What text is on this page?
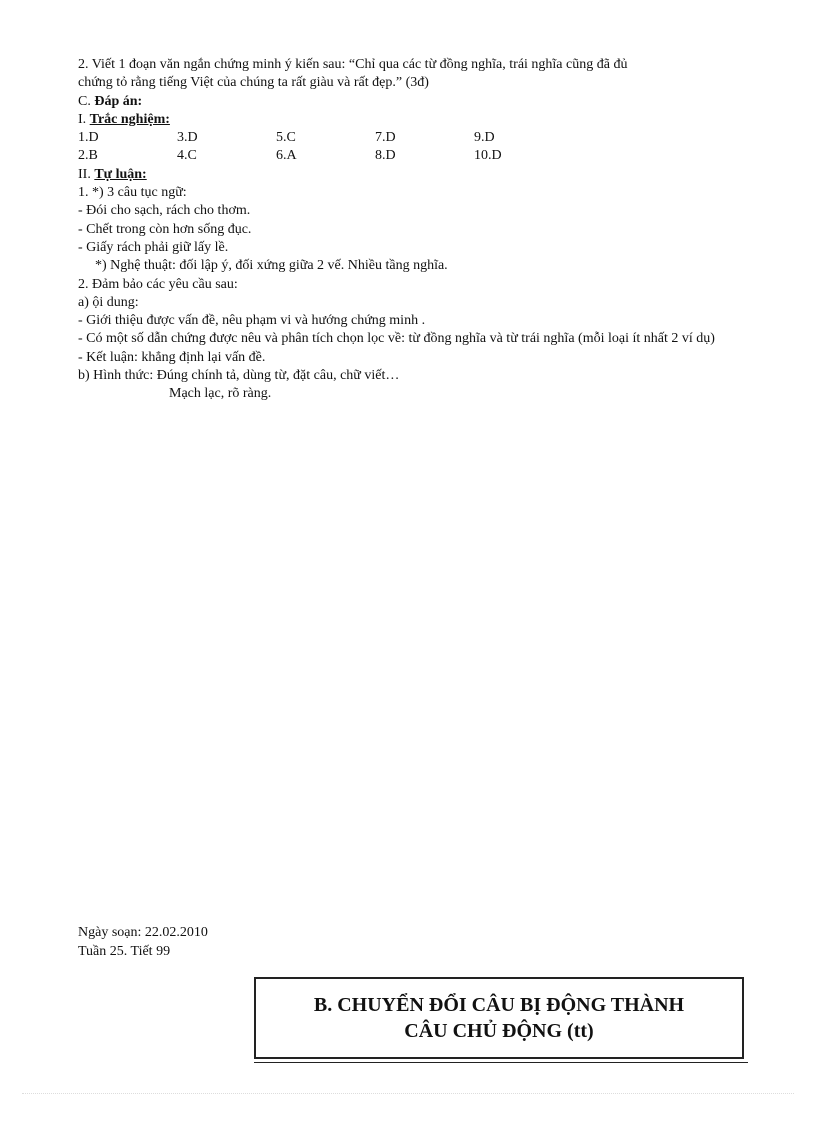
2. Viết 1 đoạn văn ngắn chứng minh ý kiến sau: “Chỉ qua các từ đồng nghĩa, trái nghĩa cũng đã đủ
chứng tỏ rằng tiếng Việt của chúng ta rất giàu và rất đẹp.” (3đ)
C. Đáp án:
I. Trắc nghiệm:
1.D	3.D	5.C	7.D	9.D
2.B	4.C	6.A	8.D	10.D
II. Tự luận:
1. *) 3 câu tục ngữ:
- Đói cho sạch, rách cho thơm.
- Chết trong còn hơn sống đục.
- Giấy rách phải giữ lấy lề.
*) Nghệ thuật: đối lập ý, đối xứng giữa 2 vế. Nhiều tầng nghĩa.
2. Đảm bảo các yêu cầu sau:
a) ội dung:
- Giới thiệu được vấn đề, nêu phạm vi và hướng chứng minh .
- Có một số dẫn chứng được nêu và phân tích chọn lọc về: từ đồng nghĩa và từ trái nghĩa (mỗi loại ít nhất 2 ví dụ)
- Kết luận: khẳng định lại vấn đề.
b) Hình thức: Đúng chính tả, dùng từ, đặt câu, chữ viết…
Mạch lạc, rõ ràng.
Ngày soạn: 22.02.2010
Tuần 25. Tiết 99
B. CHUYỂN ĐỔI CÂU BỊ ĐỘNG THÀNH
CÂU CHỦ ĐỘNG (tt)
